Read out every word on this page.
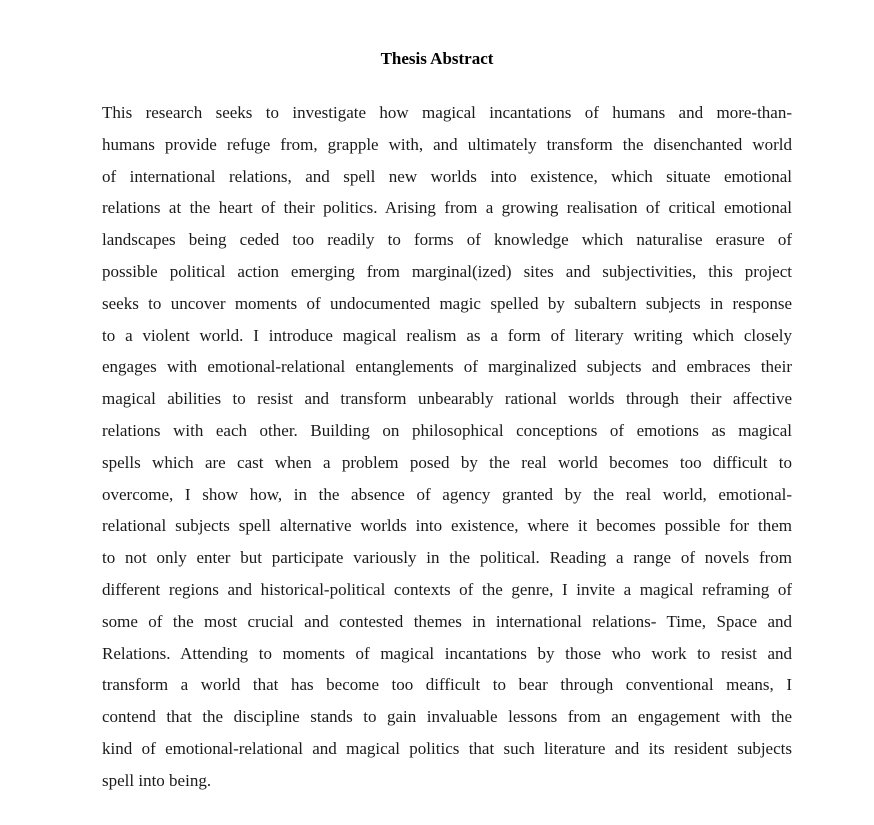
Thesis Abstract
This research seeks to investigate how magical incantations of humans and more-than-
humans provide refuge from, grapple with, and ultimately transform the disenchanted world
of international relations, and spell new worlds into existence, which situate emotional
relations at the heart of their politics. Arising from a growing realisation of critical emotional
landscapes being ceded too readily to forms of knowledge which naturalise erasure of
possible political action emerging from marginal(ized) sites and subjectivities, this project
seeks to uncover moments of undocumented magic spelled by subaltern subjects in response
to a violent world. I introduce magical realism as a form of literary writing which closely
engages with emotional-relational entanglements of marginalized subjects and embraces their
magical abilities to resist and transform unbearably rational worlds through their affective
relations with each other. Building on philosophical conceptions of emotions as magical
spells which are cast when a problem posed by the real world becomes too difficult to
overcome, I show how, in the absence of agency granted by the real world, emotional-
relational subjects spell alternative worlds into existence, where it becomes possible for them
to not only enter but participate variously in the political. Reading a range of novels from
different regions and historical-political contexts of the genre, I invite a magical reframing of
some of the most crucial and contested themes in international relations- Time, Space and
Relations. Attending to moments of magical incantations by those who work to resist and
transform a world that has become too difficult to bear through conventional means, I
contend that the discipline stands to gain invaluable lessons from an engagement with the
kind of emotional-relational and magical politics that such literature and its resident subjects
spell into being.
